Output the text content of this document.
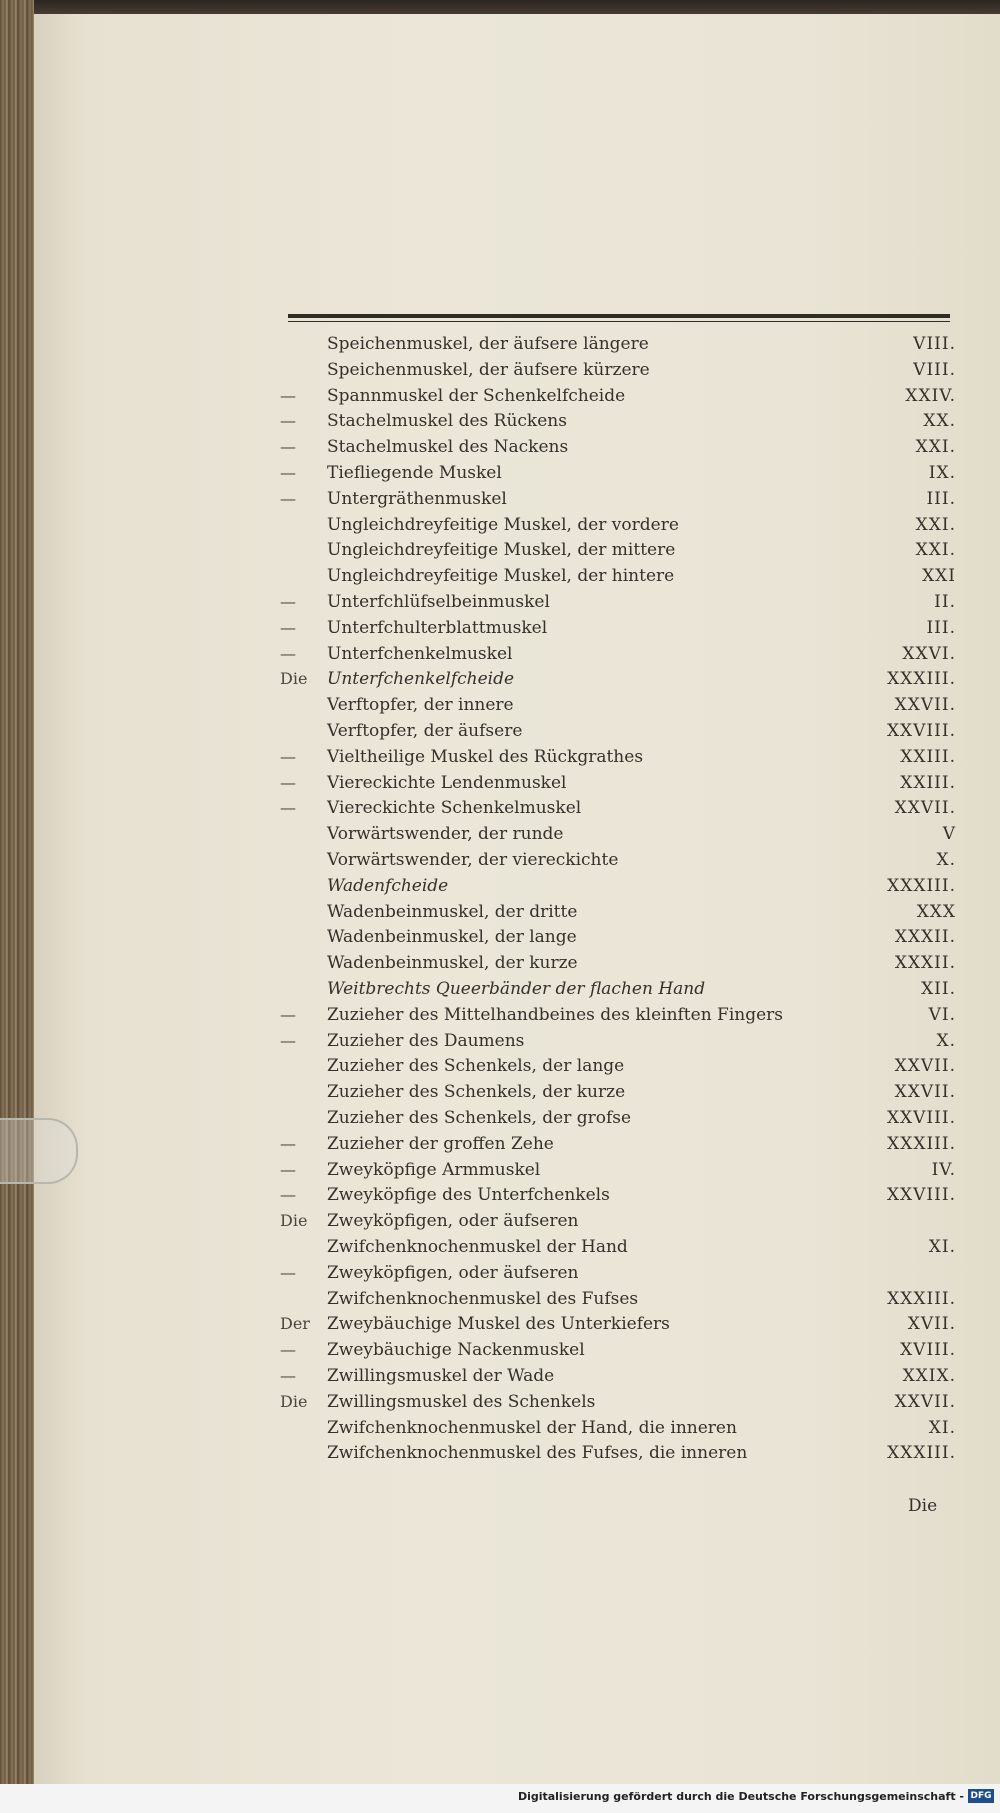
Speichenmuskel, der äufsere längere	VIII.
Speichenmuskel, der äufsere kürzere	VIII.
—	Spannmuskel der Schenkelfcheide	XXIV.
—	Stachelmuskel des Rückens	XX.
—	Stachelmuskel des Nackens	XXI.
—	Tiefliegende Muskel	IX.
—	Untergräthenmuskel	III.
Ungleichdreyfeitige Muskel, der vordere	XXI.
Ungleichdreyfeitige Muskel, der mittere	XXI.
Ungleichdreyfeitige Muskel, der hintere	XXI
—	Unterfchlüfselbeinmuskel	II.
—	Unterfchulterblattmuskel	III.
—	Unterfchenkelmuskel	XXVI.
Die	Unterfchenkelfcheide	XXXIII.
Verftopfer, der innere	XXVII.
Verftopfer, der äufsere	XXVIII.
—	Vieltheilige Muskel des Rückgrathes	XXIII.
—	Viereckichte Lendenmuskel	XXIII.
—	Viereckichte Schenkelmuskel	XXVII.
Vorwärtswender, der runde	V
Vorwärtswender, der viereckichte	X.
Wadenfcheide	XXXIII.
Wadenbeinmuskel, der dritte	XXX
Wadenbeinmuskel, der lange	XXXII.
Wadenbeinmuskel, der kurze	XXXII.
Weitbrechts Queerbänder der flachen Hand	XII.
—	Zuzieher des Mittelhandbeines des kleinften Fingers	VI.
—	Zuzieher des Daumens	X.
Zuzieher des Schenkels, der lange	XXVII.
Zuzieher des Schenkels, der kurze	XXVII.
Zuzieher des Schenkels, der grofse	XXVIII.
—	Zuzieher der groffen Zehe	XXXIII.
—	Zweyköpfige Armmuskel	IV.
—	Zweyköpfige des Unterfchenkels	XXVIII.
Die	Zweyköpfigen, oder äufseren
Zwifchenknochenmuskel der Hand	XI.
—	Zweyköpfigen, oder äufseren
Zwifchenknochenmuskel des Fufses	XXXIII.
Der	Zweybäuchige Muskel des Unterkiefers	XVII.
—	Zweybäuchige Nackenmuskel	XVIII.
—	Zwillingsmuskel der Wade	XXIX.
Die	Zwillingsmuskel des Schenkels	XXVII.
Zwifchenknochenmuskel der Hand, die inneren	XI.
Zwifchenknochenmuskel des Fufses, die inneren	XXXIII.
Die
Digitalisierung gefördert durch die Deutsche Forschungsgemeinschaft - DFG
